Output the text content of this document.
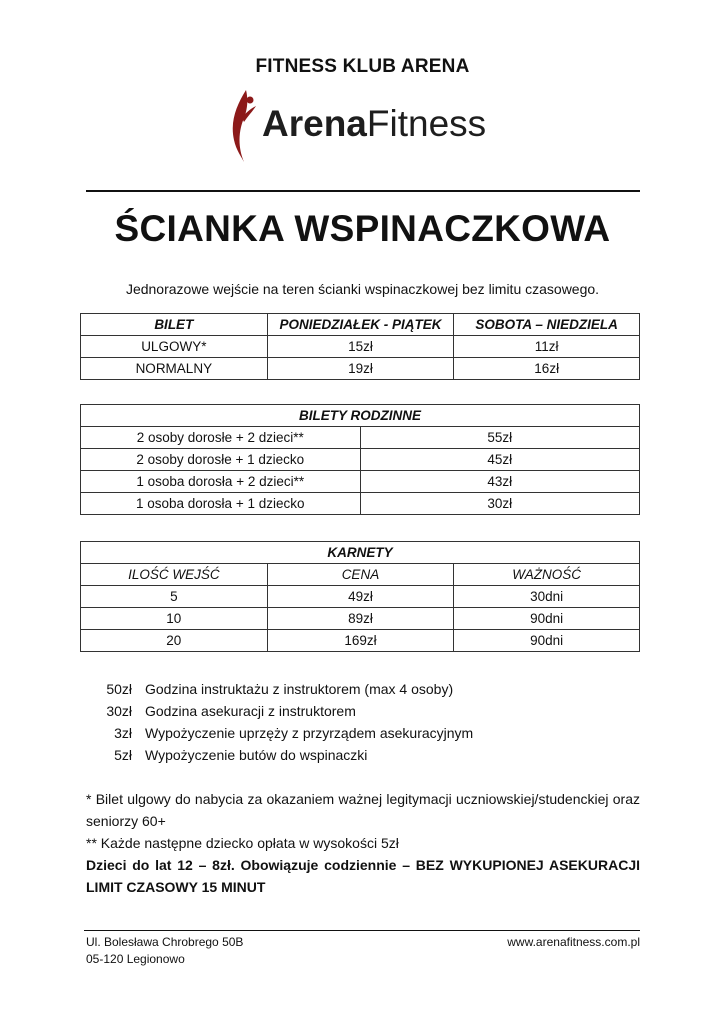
FITNESS KLUB ARENA
ArenaFitness
ŚCIANKA WSPINACZKOWA
Jednorazowe wejście na teren ścianki wspinaczkowej bez limitu czasowego.
BILET	PONIEDZIAŁEK - PIĄTEK	SOBOTA – NIEDZIELA
ULGOWY*	15zł	11zł
NORMALNY	19zł	16zł
BILETY RODZINNE	
2 osoby dorosłe + 2 dzieci**	55zł
2 osoby dorosłe + 1 dziecko	45zł
1 osoba dorosła + 2 dzieci**	43zł
1 osoba dorosła + 1 dziecko	30zł
KARNETY		
ILOŚĆ WEJŚĆ	CENA	WAŻNOŚĆ
5	49zł	30dni
10	89zł	90dni
20	169zł	90dni
50zł Godzina instruktażu z instruktorem (max 4 osoby)
30zł Godzina asekuracji z instruktorem
3zł Wypożyczenie uprzęży z przyrządem asekuracyjnym
5zł Wypożyczenie butów do wspinaczki

* Bilet ulgowy do nabycia za okazaniem ważnej legitymacji uczniowskiej/studenckiej oraz seniorzy 60+

** Każde następne dziecko opłata w wysokości 5zł

Dzieci do lat 12 – 8zł. Obowiązuje codziennie – BEZ WYKUPIONEJ ASEKURACJI LIMIT CZASOWY 15 MINUT

Ul. Bolesława Chrobrego 50B
05-120 Legionowo
www.arenafitness.com.pl
